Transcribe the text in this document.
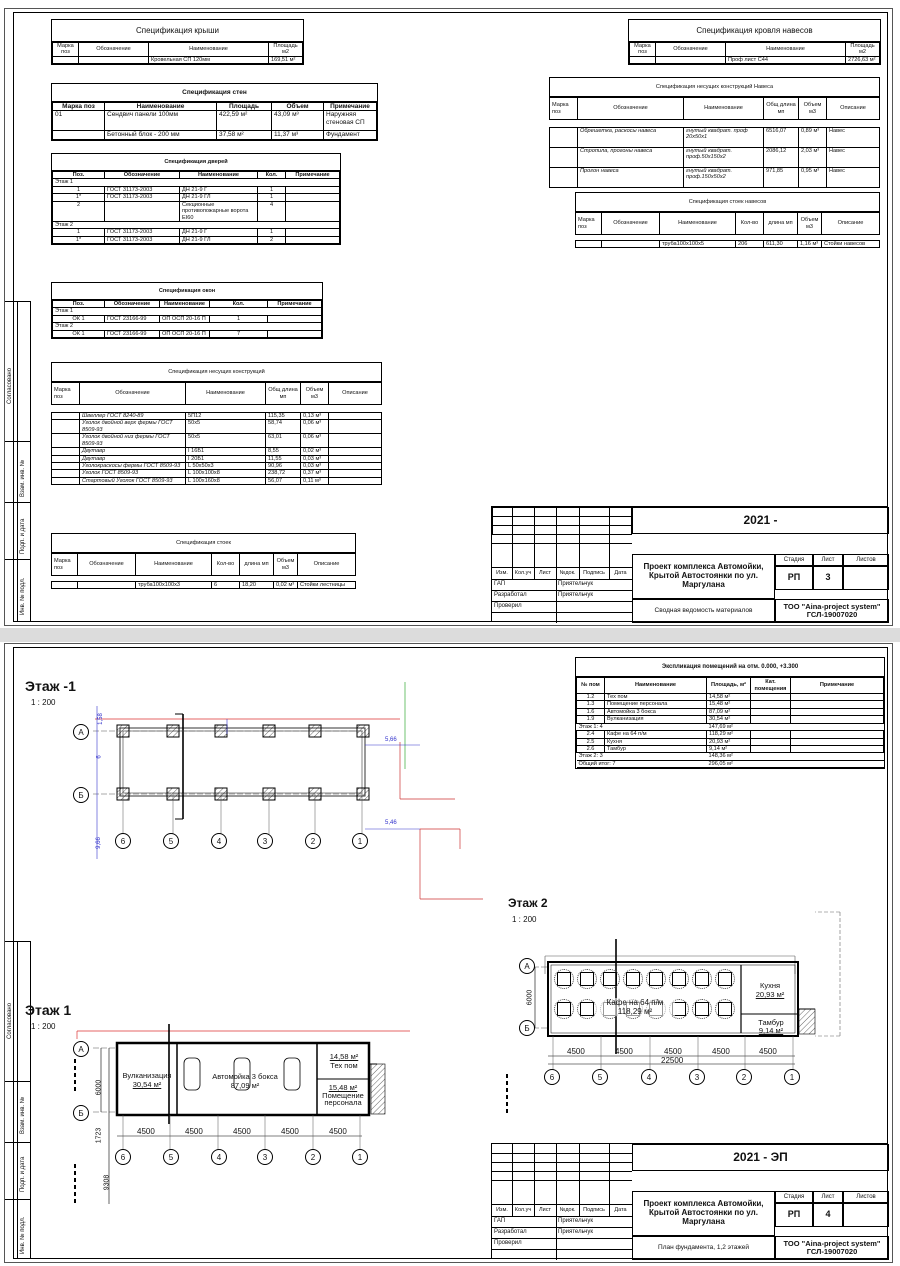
Согласовано
Взам. инв. №
Подп. и дата
Инв. № подл.
Спецификация крыши
Марка поз	Обозначение	Наименование	Площадь м2
		Кровельная СП 120мм	169,51 м²
Спецификация стен
Марка поз	Наименование	Площадь	Объем	Примечание
01	Сендвич панели 100мм	422,59 м²	43,09 м³	Наружняя стеновая СП
	Бетонный блок - 200 мм	37,58 м²	11,37 м³	Фундамент
Спецификация дверей
Поз.	Обозначение	Наименование	Кол.	Примечание
Этаж 1				
1	ГОСТ 31173-2003	ДН 21-9 Г	1	
1*	ГОСТ 31173-2003	ДН 21-9 ГЛ	1	
2		Секционные противопожарные ворота EI60	4	
Этаж 2				
1	ГОСТ 31173-2003	ДН 21-9 Г	1	
1*	ГОСТ 31173-2003	ДН 21-9 ГЛ	2	
Спецификация окон
Поз.	Обозначение	Наименование	Кол.	Примечание
Этаж 1				
ОК 1	ГОСТ 23166-99	ОП ОСП 20-16 П	1	
Этаж 2				
ОК 1	ГОСТ 23166-99	ОП ОСП 20-16 П	7	
Спецификация несущих конструкций
Марка поз	Обозначение	Наименование	Общ длина мп	Объем м3	Описание

	Швеллер ГОСТ 8240-89	5П12	115,35	0,13 м³	
	Уголок двойной верх фермы ГОСТ 8509-93	50х5	58,74	0,06 м³	
	Уголок двойной низ фермы ГОСТ 8509-93	50х5	63,01	0,06 м³	
	Двутавр	I 16Б1	8,55	0,02 м³	
	Двутавр	I 20Б1	11,55	0,03 м³	
	Уголокраскосы фермы ГОСТ 8509-93	L 50х50х3	90,96	0,03 м³	
	Уголок ГОСТ 8509-93	L 100х100х8	238,72	0,37 м³	
	Стартовый Уголок ГОСТ 8509-93	L 100х160х8	56,07	0,11 м³	
Спецификация стоек
Марка поз	Обозначение	Наименование	Кол-во	длина мп	Объем м3	Описание

		труба100х100х3	6	18,20	0,02 м³	Стойки лестницы
Спецификация кровля навесов
Марка поз	Обозначение	Наименование	Площадь м2
		Проф лист С44	2726,63 м²
Спецификация несущих конструкций Навеса
Марка поз	Обозначение	Наименование	Общ длина мп	Объем м3	Описание

	Обрешетка, раскосы навеса	гнутый квадрат. проф 20х50х1	6516,07	0,89 м³	Навес
	Стропила, прогоны навеса	гнутый квадрат. проф.50х150х2	2086,12	2,03 м³	Навес
	Прогон навеса	гнутый квадрат. проф.150х50х2	971,85	0,95 м³	Навес
Спецификация стоек навесов
Марка поз	Обозначение	Наименование	Кол-во	длина мп	Объем м3	Описание

		труба100х100х5	206	611,30	1,16 м³	Стойки навесов
2021 -
Изм.	Кол.уч	Лист	№док.	Подпись	Дата
ГАП	Приятельчук
Разработал	Приятельчук
Проверил
Проект комплекса Автомойки, Крытой Автостоянки по ул. Маргулана
Сводная ведомость материалов
Стадия	Лист	Листов
РП	3
ТОО "Aina-project system" ГСЛ-19007020
Согласовано
Взам. инв. №
Подп. и дата
Инв. № подл.
Этаж -1
1 : 200
6	5	4	3	2	1
А
Б
1,58
6
9,66
5,66
5,46
Этаж 1
1 : 200
6	5	4	3	2	1
А
Б
Вулканизация
30,54 м²
Автомойка 3 бокса
87,09 м²
14,58 м²
Тех пом
15,48 м²
Помещение персонала
6000
1723
9308
4500	4500	4500	4500	4500
Этаж 2
1 : 200
6	5	4	3	2	1
А
Б
Кафе на 64 п/м
118,29 м²
Кухня
20,93 м²
Тамбур
9,14 м²
6000
4500	4500	4500	4500	4500
22500
Экспликация помещений на отм. 0.000, +3.300
№ пом	Наименование	Площадь, м²	Кат. помещения	Примечание
1.2	Тех пом	14,58 м²		
1.3	Помещение персонала	15,48 м²		
1.6	Автомойка 3 бокса	87,09 м²		
1.9	Вулканизация	30,54 м²		
Этаж 1: 4		147,69 м²		
2.4	Кафе на 64 п/м	118,29 м²		
2.5	Кухня	20,93 м²		
2.6	Тамбур	9,14 м²		
Этаж 2: 3		148,36 м²		
Общий итог: 7		296,05 м²		
2021 - ЭП
Изм.	Кол.уч	Лист	№док.	Подпись	Дата
ГАП	Приятельчук
Разработал	Приятельчук
Проверил
Проект комплекса Автомойки, Крытой Автостоянки по ул. Маргулана
План фундамента, 1,2 этажей
Стадия	Лист	Листов
РП	4
ТОО "Aina-project system" ГСЛ-19007020
